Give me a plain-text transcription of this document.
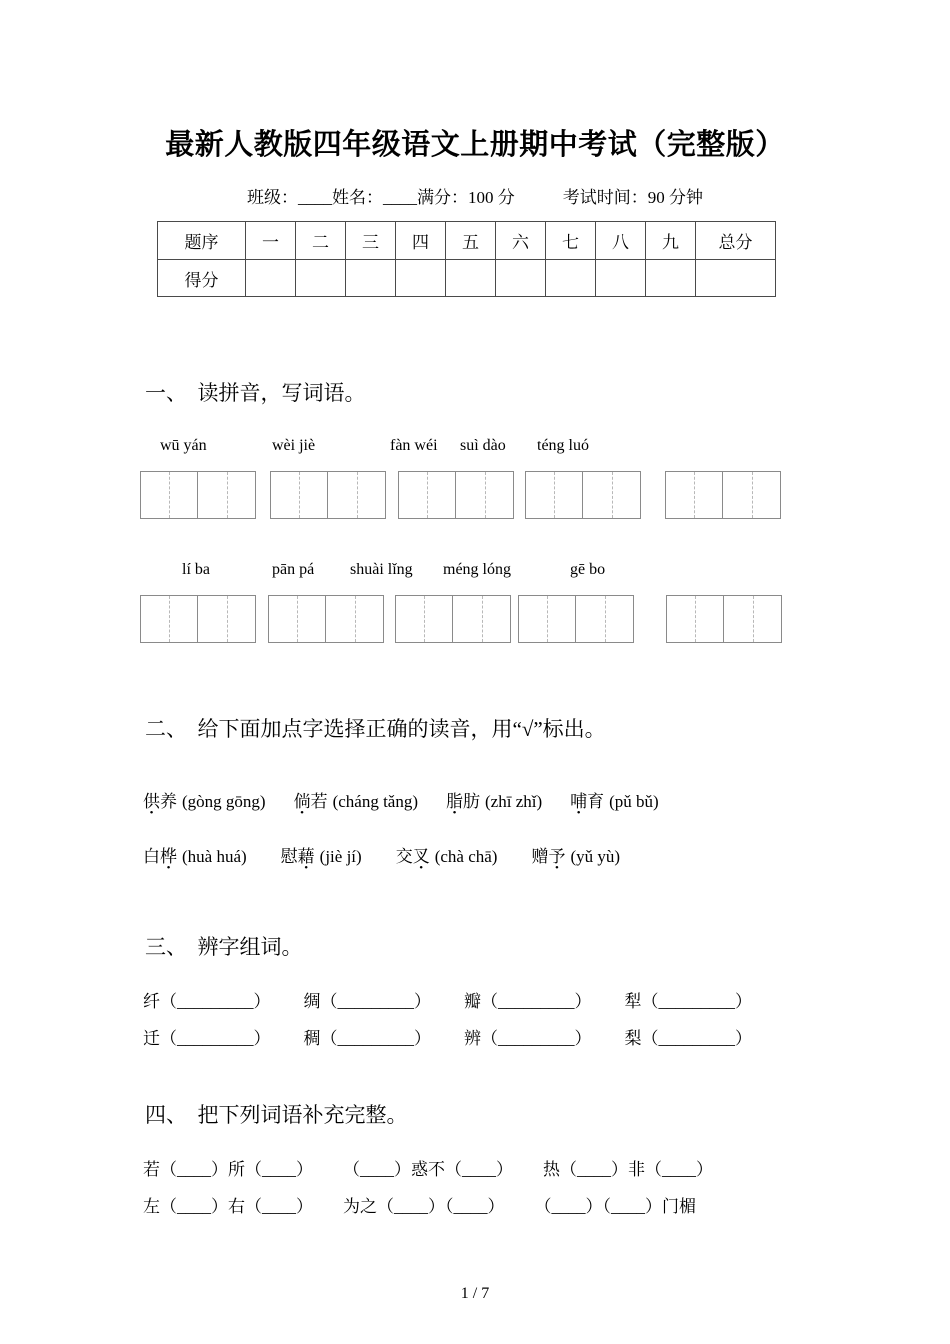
最新人教版四年级语文上册期中考试（完整版）
班级：____姓名：____满分：100 分	考试时间：90 分钟
题序	一	二	三	四	五	六	七	八	九	总分
得分										
一、　读拼音，写词语。
wū yán	wèi jiè	fàn wéi suì dào téng luó
lí ba	pān pá shuài lǐng méng lóng	gē bo
二、　给下面加点字选择正确的读音，用“√”标出。
供养 (gòng gōng) 倘若 (cháng tǎng) 脂肪 (zhī zhǐ) 哺育 (pǔ bǔ)
白桦 (huà huá) 慰藉 (jiè jí) 交叉 (chà chā) 赠予 (yǔ yù)
三、　辨字组词。
纤（_________） 绸（_________） 瓣（_________） 犁（_________）
迁（_________） 稠（_________） 辨（_________） 梨（_________）
四、　把下列词语补充完整。
若（____）所（____） （____）惑不（____） 热（____）非（____）
左（____）右（____） 为之（____）（____） （____）（____）门楣
1 / 7
